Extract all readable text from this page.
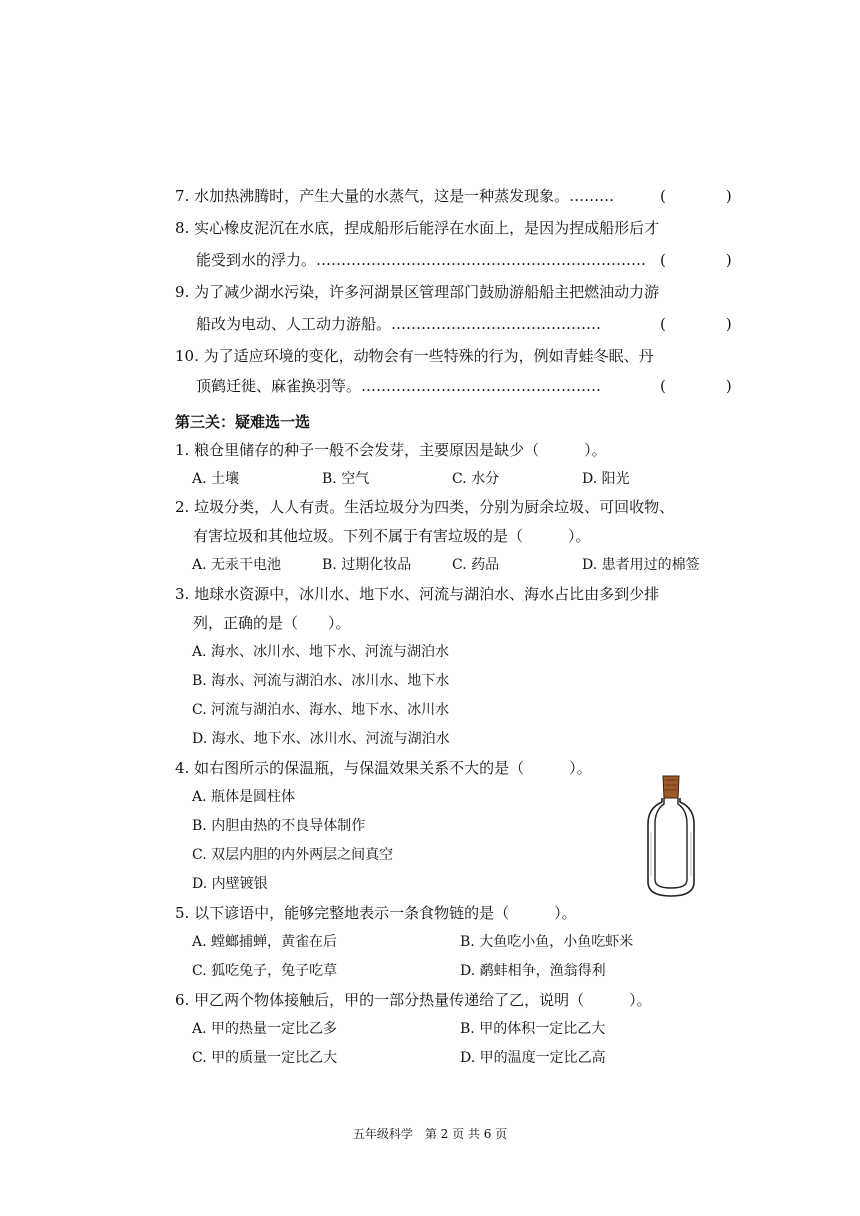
7. 水加热沸腾时，产生大量的水蒸气，这是一种蒸发现象。………	(　　　　)
8. 实心橡皮泥沉在水底，捏成船形后能浮在水面上，是因为捏成船形后才
能受到水的浮力。………………………………………………………… (　　　　)
9. 为了减少湖水污染，许多河湖景区管理部门鼓励游船船主把燃油动力游
船改为电动、人工动力游船。……………………………………	(　　　　)
10. 为了适应环境的变化，动物会有一些特殊的行为，例如青蛙冬眠、丹
顶鹤迁徙、麻雀换羽等。…………………………………………	(　　　　)
第三关：疑难选一选
1. 粮仓里储存的种子一般不会发芽，主要原因是缺少（　　　）。
A. 土壤	B. 空气	C. 水分	D. 阳光
2. 垃圾分类，人人有责。生活垃圾分为四类，分别为厨余垃圾、可回收物、
有害垃圾和其他垃圾。下列不属于有害垃圾的是（　　　）。
A. 无汞干电池	B. 过期化妆品	C. 药品	D. 患者用过的棉签
3. 地球水资源中，冰川水、地下水、河流与湖泊水、海水占比由多到少排
列，正确的是（　　）。
A. 海水、冰川水、地下水、河流与湖泊水
B. 海水、河流与湖泊水、冰川水、地下水
C. 河流与湖泊水、海水、地下水、冰川水
D. 海水、地下水、冰川水、河流与湖泊水
4. 如右图所示的保温瓶，与保温效果关系不大的是（　　　）。
A. 瓶体是圆柱体
B. 内胆由热的不良导体制作
C. 双层内胆的内外两层之间真空
D. 内壁镀银
5. 以下谚语中，能够完整地表示一条食物链的是（　　　）。
A. 螳螂捕蝉，黄雀在后	B. 大鱼吃小鱼，小鱼吃虾米
C. 狐吃兔子，兔子吃草	D. 鹬蚌相争，渔翁得利
6. 甲乙两个物体接触后，甲的一部分热量传递给了乙，说明（　　　）。
A. 甲的热量一定比乙多	B. 甲的体积一定比乙大
C. 甲的质量一定比乙大	D. 甲的温度一定比乙高
五年级科学　第 2 页 共 6 页
